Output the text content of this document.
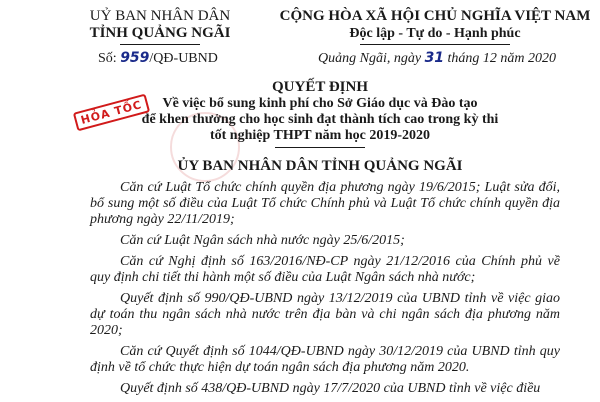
UỶ BAN NHÂN DÂN
TỈNH QUẢNG NGÃI
CỘNG HÒA XÃ HỘI CHỦ NGHĨA VIỆT NAM
Độc lập - Tự do - Hạnh phúc
Số: 959/QĐ-UBND	Quảng Ngãi, ngày 31 tháng 12 năm 2020
HỎA TỐC
QUYẾT ĐỊNH
Về việc bổ sung kinh phí cho Sở Giáo dục và Đào tạo
để khen thưởng cho học sinh đạt thành tích cao trong kỳ thi
tốt nghiệp THPT năm học 2019-2020
ỦY BAN NHÂN DÂN TỈNH QUẢNG NGÃI

Căn cứ Luật Tổ chức chính quyền địa phương ngày 19/6/2015; Luật sửa đổi, bổ sung một số điều của Luật Tổ chức Chính phủ và Luật Tổ chức chính quyền địa phương ngày 22/11/2019;

Căn cứ Luật Ngân sách nhà nước ngày 25/6/2015;

Căn cứ Nghị định số 163/2016/NĐ-CP ngày 21/12/2016 của Chính phủ về quy định chi tiết thi hành một số điều của Luật Ngân sách nhà nước;

Quyết định số 990/QĐ-UBND ngày 13/12/2019 của UBND tỉnh về việc giao dự toán thu ngân sách nhà nước trên địa bàn và chi ngân sách địa phương năm 2020;

Căn cứ Quyết định số 1044/QĐ-UBND ngày 30/12/2019 của UBND tỉnh quy định về tổ chức thực hiện dự toán ngân sách địa phương năm 2020.

Quyết định số 438/QĐ-UBND ngày 17/7/2020 của UBND tỉnh về việc điều
